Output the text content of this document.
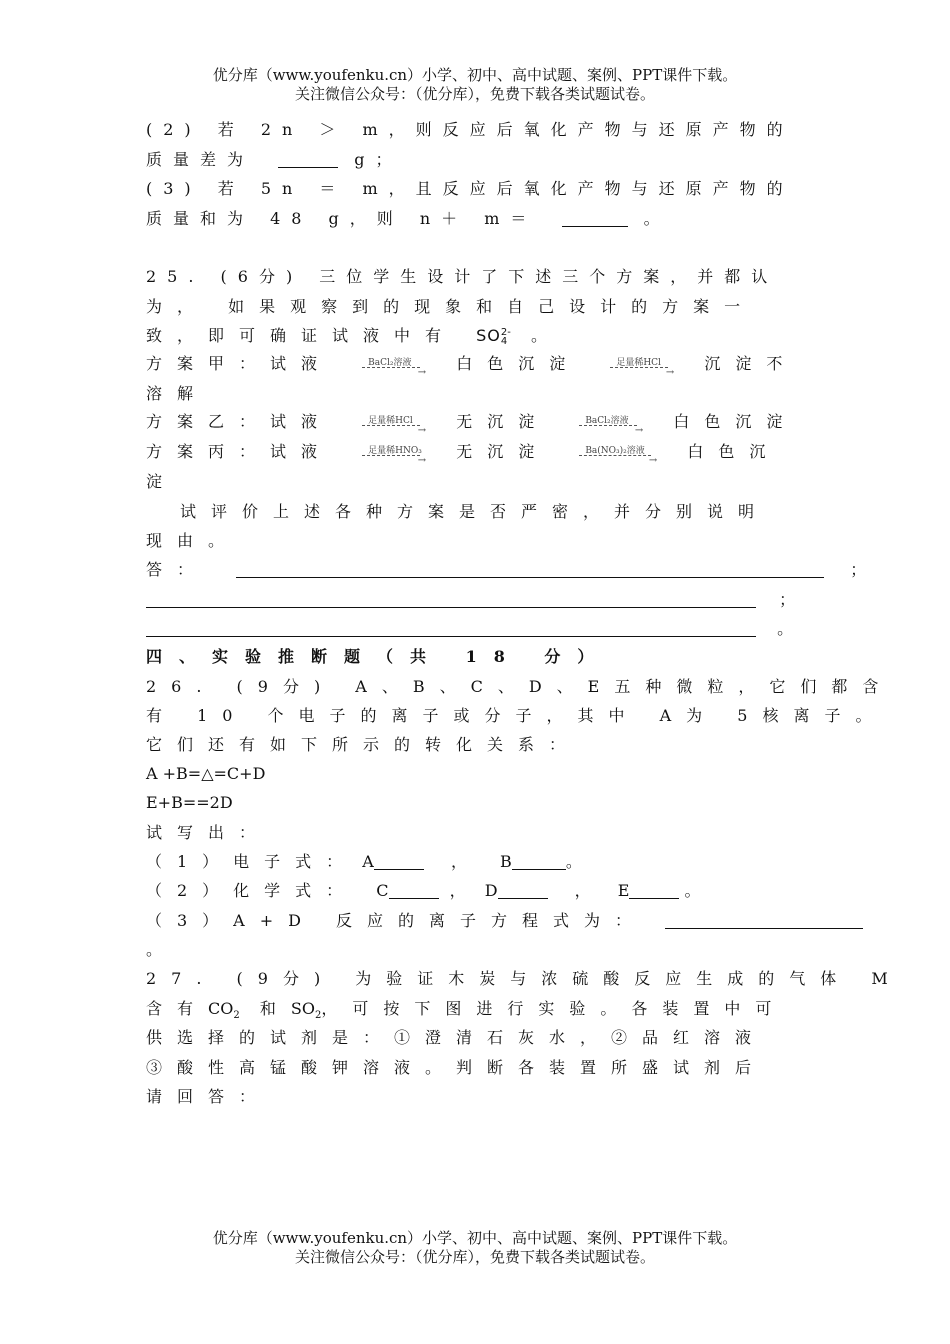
优分库（www.youfenku.cn）小学、初中、高中试题、案例、PPT课件下载。
关注微信公众号：（优分库），免费下载各类试题试卷。
(2) 若 2n ＞ m，则反应后氧化产物与还原产物的
质量差为	g；
(3) 若 5n ＝ m，且反应后氧化产物与还原产物的
质量和为 48 g，则 n＋ m＝	。
25. (6分) 三位学生设计了下述三个方案，并都认
为， 如果观察到的现象和自己设计的方案一
致，即可确证试液中有 SO 2-
4 。
方案甲：试液	BaCl₂溶液
→ 白色沉淀	足量稀HCl
→ 沉淀不
溶解
方案乙：试液	足量稀HCl
→ 无沉淀	BaCl₂溶液
→ 白色沉淀
方案丙：试液	足量稀HNO₃
→ 无沉淀	Ba(NO₃)₂溶液
→ 白色沉
淀
试评价上述各种方案是否严密，并分别说明
现由。
答：	；
；
。
四、实验推断题（共 18 分）
26. (9分) A、B、C、D、E五种微粒，它们都含
有 10 个电子的离子或分子，其中 A为 5核离子。
它们还有如下所示的转化关系：
A +B=△=C+D
E+B==2D
试写出：
（1）电子式： A	， B	。
（2）化学式： C	， D	， E	。
（3）A+D 反应的离子方程式为：
。
27. (9分) 为验证木炭与浓硫酸反应生成的气体 M
含有$CO_2$ 和$SO_2$，可按下图进行实验。各装置中可
供选择的试剂是：①澄清石灰水，②品红溶液
③酸性高锰酸钾溶液。判断各装置所盛试剂后
请回答：
优分库（www.youfenku.cn）小学、初中、高中试题、案例、PPT课件下载。
关注微信公众号：（优分库），免费下载各类试题试卷。
